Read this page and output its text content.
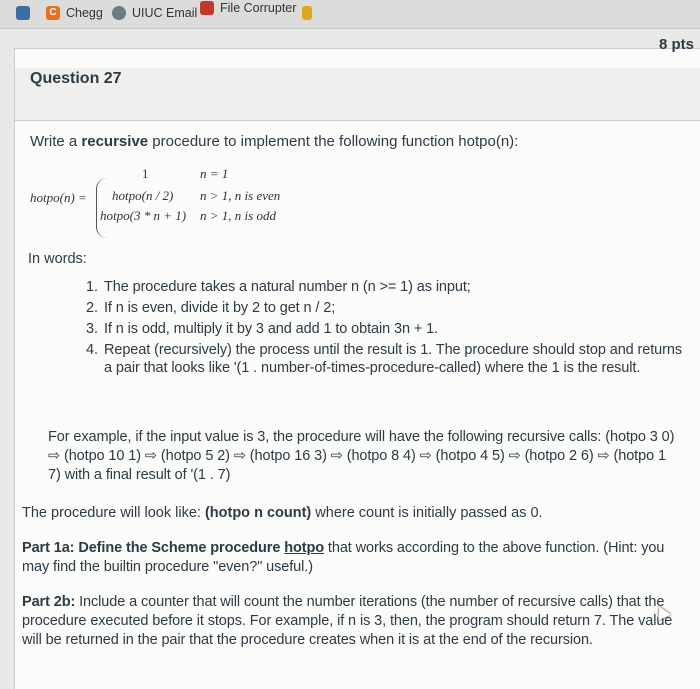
C Chegg UIUC Email File Corrupter
8 pts
Question 27
Write a recursive procedure to implement the following function hotpo(n):
hotpo(n) =
1	n = 1
hotpo(n / 2) n > 1, n is even
hotpo(3 * n + 1) n > 1, n is odd
In words:
1. The procedure takes a natural number n (n >= 1) as input;
2. If n is even, divide it by 2 to get n / 2;
3. If n is odd, multiply it by 3 and add 1 to obtain 3n + 1.
4. Repeat (recursively) the process until the result is 1. The procedure should stop and returns a pair that looks like '(1 . number-of-times-procedure-called) where the 1 is the result.
For example, if the input value is 3, the procedure will have the following recursive calls: (hotpo 3 0) ⇨ (hotpo 10 1) ⇨ (hotpo 5 2) ⇨ (hotpo 16 3) ⇨ (hotpo 8 4) ⇨ (hotpo 4 5) ⇨ (hotpo 2 6) ⇨ (hotpo 1 7) with a final result of '(1 . 7)
The procedure will look like: (hotpo n count) where count is initially passed as 0.
Part 1a: Define the Scheme procedure hotpo that works according to the above function. (Hint: you may find the builtin procedure "even?" useful.)
Part 2b: Include a counter that will count the number iterations (the number of recursive calls) that the procedure executed before it stops. For example, if n is 3, then, the program should return 7. The value will be returned in the pair that the procedure creates when it is at the end of the recursion.
